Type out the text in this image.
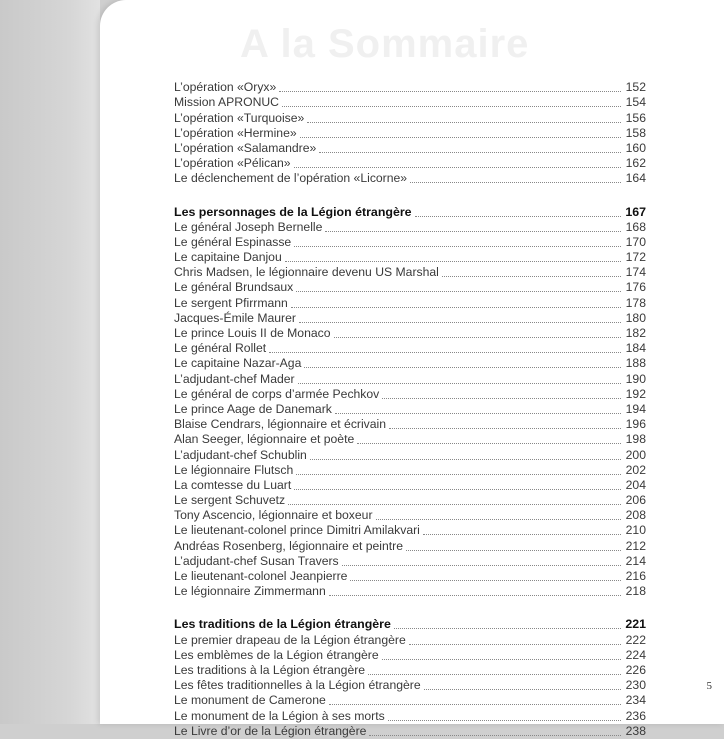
A la Sommaire
L’opération «Oryx»	152
Mission APRONUC	154
L’opération «Turquoise»	156
L’opération «Hermine»	158
L’opération «Salamandre»	160
L’opération «Pélican»	162
Le déclenchement de l’opération «Licorne»	164
Les personnages de la Légion étrangère	167
Le général Joseph Bernelle	168
Le général Espinasse	170
Le capitaine Danjou	172
Chris Madsen, le légionnaire devenu US Marshal	174
Le général Brundsaux	176
Le sergent Pfirrmann	178
Jacques-Émile Maurer	180
Le prince Louis II de Monaco	182
Le général Rollet	184
Le capitaine Nazar-Aga	188
L’adjudant-chef Mader	190
Le général de corps d’armée Pechkov	192
Le prince Aage de Danemark	194
Blaise Cendrars, légionnaire et écrivain	196
Alan Seeger, légionnaire et poète	198
L’adjudant-chef Schublin	200
Le légionnaire Flutsch	202
La comtesse du Luart	204
Le sergent Schuvetz	206
Tony Ascencio, légionnaire et boxeur	208
Le lieutenant-colonel prince Dimitri Amilakvari	210
Andréas Rosenberg, légionnaire et peintre	212
L’adjudant-chef Susan Travers	214
Le lieutenant-colonel Jeanpierre	216
Le légionnaire Zimmermann	218
Les traditions de la Légion étrangère	221
Le premier drapeau de la Légion étrangère	222
Les emblèmes de la Légion étrangère	224
Les traditions à la Légion étrangère	226
Les fêtes traditionnelles à la Légion étrangère	230
Le monument de Camerone	234
Le monument de la Légion à ses morts	236
Le Livre d’or de la Légion étrangère	238
5
